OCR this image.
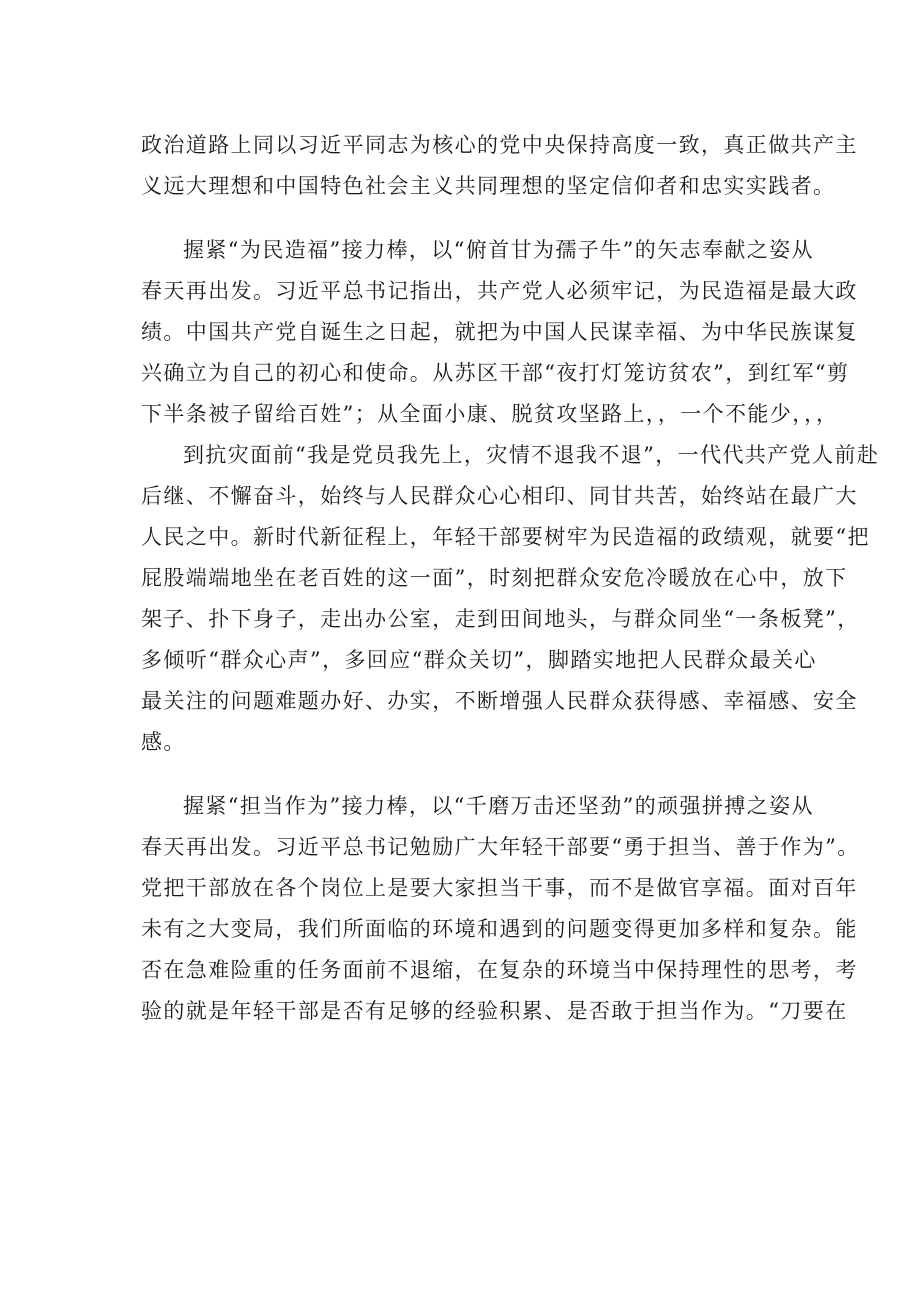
政治道路上同以习近平同志为核心的党中央保持高度一致，真正做共产主
义远大理想和中国特色社会主义共同理想的坚定信仰者和忠实实践者。
握紧“为民造福”接力棒，以“俯首甘为孺子牛”的矢志奉献之姿从
春天再出发。习近平总书记指出，共产党人必须牢记，为民造福是最大政
绩。中国共产党自诞生之日起，就把为中国人民谋幸福、为中华民族谋复
兴确立为自己的初心和使命。从苏区干部“夜打灯笼访贫农”，到红军“剪
下半条被子留给百姓”；从全面小康、脱贫攻坚路上，，一个不能少，，，
到抗灾面前“我是党员我先上，灾情不退我不退”，一代代共产党人前赴
后继、不懈奋斗，始终与人民群众心心相印、同甘共苦，始终站在最广大
人民之中。新时代新征程上，年轻干部要树牢为民造福的政绩观，就要“把
屁股端端地坐在老百姓的这一面”，时刻把群众安危冷暖放在心中，放下
架子、扑下身子，走出办公室，走到田间地头，与群众同坐“一条板凳”，
多倾听“群众心声”，多回应“群众关切”，脚踏实地把人民群众最关心
最关注的问题难题办好、办实，不断增强人民群众获得感、幸福感、安全
感。
握紧“担当作为”接力棒，以“千磨万击还坚劲”的顽强拼搏之姿从
春天再出发。习近平总书记勉励广大年轻干部要“勇于担当、善于作为”。
党把干部放在各个岗位上是要大家担当干事，而不是做官享福。面对百年
未有之大变局，我们所面临的环境和遇到的问题变得更加多样和复杂。能
否在急难险重的任务面前不退缩，在复杂的环境当中保持理性的思考，考
验的就是年轻干部是否有足够的经验积累、是否敢于担当作为。“刀要在
